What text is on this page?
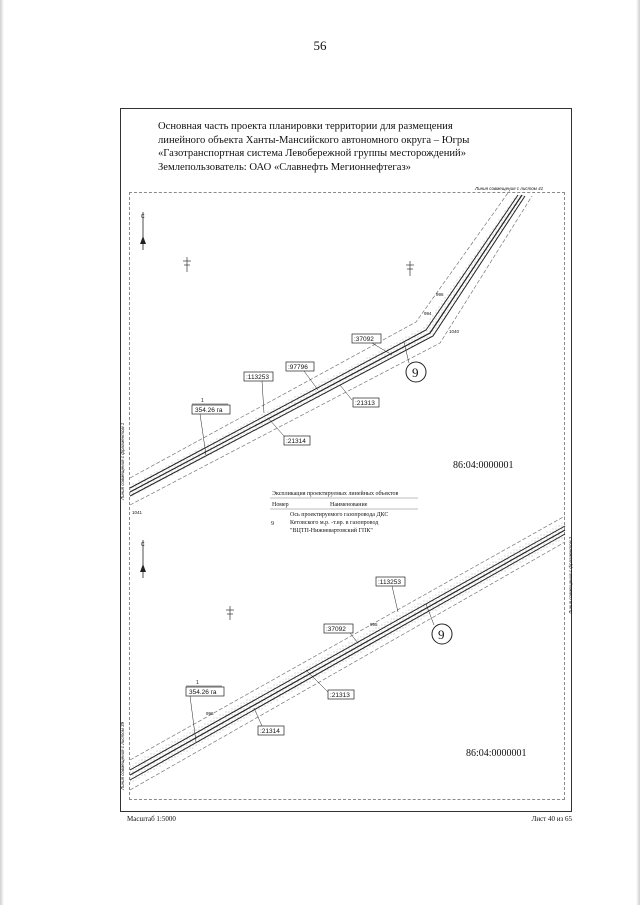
56
Основная часть проекта планировки территории для размещения
линейного объекта Ханты-Мансийского автономного округа – Югры
«Газотранспортная система Левобережной группы месторождений»
Землепользователь: ОАО «Славнефть Мегионнефтегаз»
С
Линия совмещения с листом 41
Линия совмещения с фрагментом 1
996
994
1040
1041
:37092
:97796
:113253
:21313
:21314
1
354.26 га
9
86:04:0000001
Экспликация проектируемых линейных объектов
Номер	Наименование
9
Ось проектируемого газопровода ДКС
Кетовского м.р. -т.вр. в газопровод
"ВЦТП-Нижневартовский ГПК"
С	Линия совмещения с фрагментом 2
Линия совмещения с листом 39
995
996
:113253
:37092
:21313
:21314
1
354.26 га
9
86:04:0000001
Масштаб 1:5000	Лист 40 из 65
